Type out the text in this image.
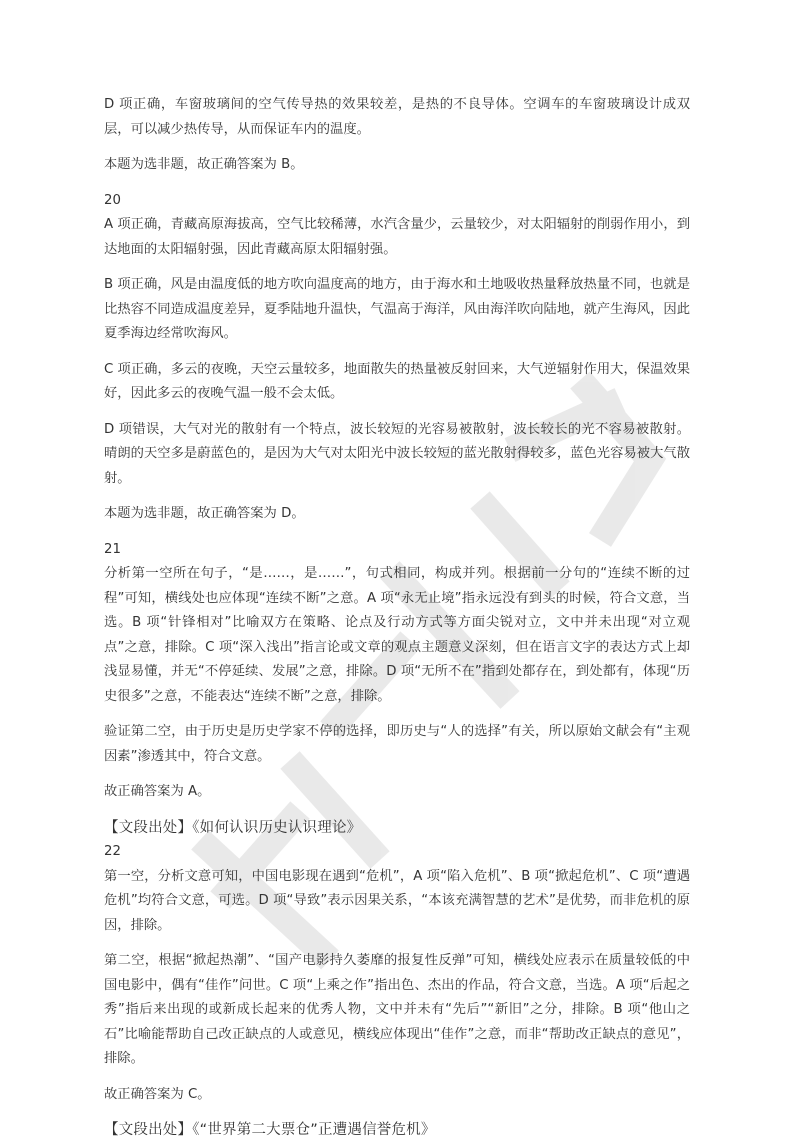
D 项正确，车窗玻璃间的空气传导热的效果较差，是热的不良导体。空调车的车窗玻璃设计成双层，可以减少热传导，从而保证车内的温度。

本题为选非题，故正确答案为 B。

20

A 项正确，青藏高原海拔高，空气比较稀薄，水汽含量少，云量较少，对太阳辐射的削弱作用小，到达地面的太阳辐射强，因此青藏高原太阳辐射强。

B 项正确，风是由温度低的地方吹向温度高的地方，由于海水和土地吸收热量释放热量不同，也就是比热容不同造成温度差异，夏季陆地升温快，气温高于海洋，风由海洋吹向陆地，就产生海风，因此夏季海边经常吹海风。

C 项正确，多云的夜晚，天空云量较多，地面散失的热量被反射回来，大气逆辐射作用大，保温效果好，因此多云的夜晚气温一般不会太低。

D 项错误，大气对光的散射有一个特点，波长较短的光容易被散射，波长较长的光不容易被散射。晴朗的天空多是蔚蓝色的，是因为大气对太阳光中波长较短的蓝光散射得较多，蓝色光容易被大气散射。

本题为选非题，故正确答案为 D。

21

分析第一空所在句子，“是……，是……”，句式相同，构成并列。根据前一分句的“连续不断的过程”可知，横线处也应体现“连续不断”之意。A 项“永无止境”指永远没有到头的时候，符合文意，当选。B 项“针锋相对”比喻双方在策略、论点及行动方式等方面尖锐对立，文中并未出现“对立观点”之意，排除。C 项“深入浅出”指言论或文章的观点主题意义深刻，但在语言文字的表达方式上却浅显易懂，并无“不停延续、发展”之意，排除。D 项“无所不在”指到处都存在，到处都有，体现“历史很多”之意，不能表达“连续不断”之意，排除。

验证第二空，由于历史是历史学家不停的选择，即历史与“人的选择”有关，所以原始文献会有“主观因素”渗透其中，符合文意。

故正确答案为 A。

【文段出处】《如何认识历史认识理论》

22

第一空，分析文意可知，中国电影现在遇到“危机”，A 项“陷入危机”、B 项“掀起危机”、C 项“遭遇危机”均符合文意，可选。D 项“导致”表示因果关系，“本该充满智慧的艺术”是优势，而非危机的原因，排除。

第二空，根据“掀起热潮”、“国产电影持久萎靡的报复性反弹”可知，横线处应表示在质量较低的中国电影中，偶有“佳作”问世。C 项“上乘之作”指出色、杰出的作品，符合文意，当选。A 项“后起之秀”指后来出现的或新成长起来的优秀人物，文中并未有“先后”“新旧”之分，排除。B 项“他山之石”比喻能帮助自己改正缺点的人或意见，横线应体现出“佳作”之意，而非“帮助改正缺点的意见”，排除。

故正确答案为 C。

【文段出处】《“世界第二大票仓”正遭遇信誉危机》
